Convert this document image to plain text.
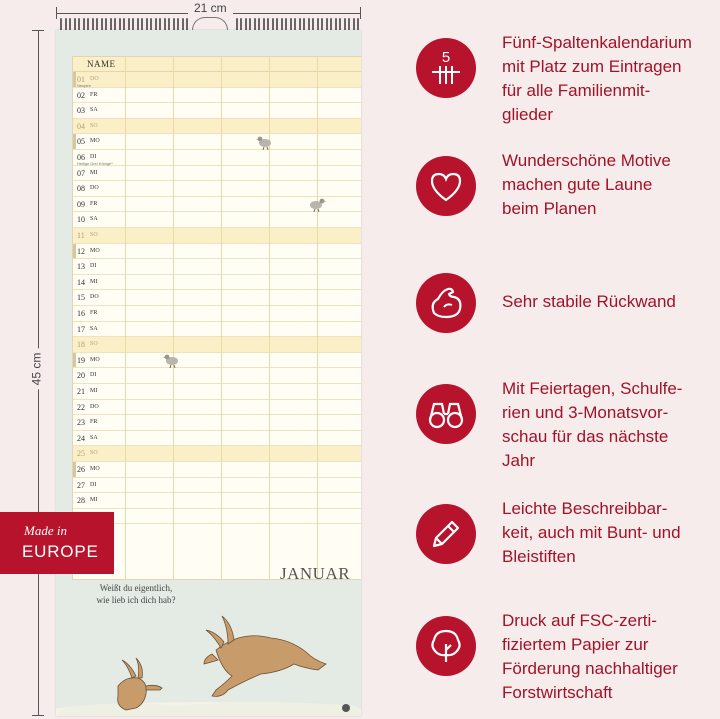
21 cm
45 cm
NAME
01 DO
Neujahr
02 FR
03 SA
04 SO
05 MO
06 DI
Heilige Drei Könige*
07 MI
08 DO
09 FR
10 SA
11 SO
12 MO
13 DI
14 MI
15 DO
16 FR
17 SA
18 SO
19 MO
20 DI
21 MI
22 DO
23 FR
24 SA
25 SO
26 MO
27 DI
28 MI
JANUAR
Weißt du eigentlich,
wie lieb ich dich hab?
Made in
EUROPE
5
Fünf-Spaltenkalendarium
mit Platz zum Eintragen
für alle Familienmit-
glieder
Wunderschöne Motive
machen gute Laune
beim Planen
Sehr stabile Rückwand
Mit Feiertagen, Schulfe-
rien und 3-Monatsvor-
schau für das nächste
Jahr
Leichte Beschreibbar-
keit, auch mit Bunt- und
Bleistiften
Druck auf FSC-zerti-
fiziertem Papier zur
Förderung nachhaltiger
Forstwirtschaft
